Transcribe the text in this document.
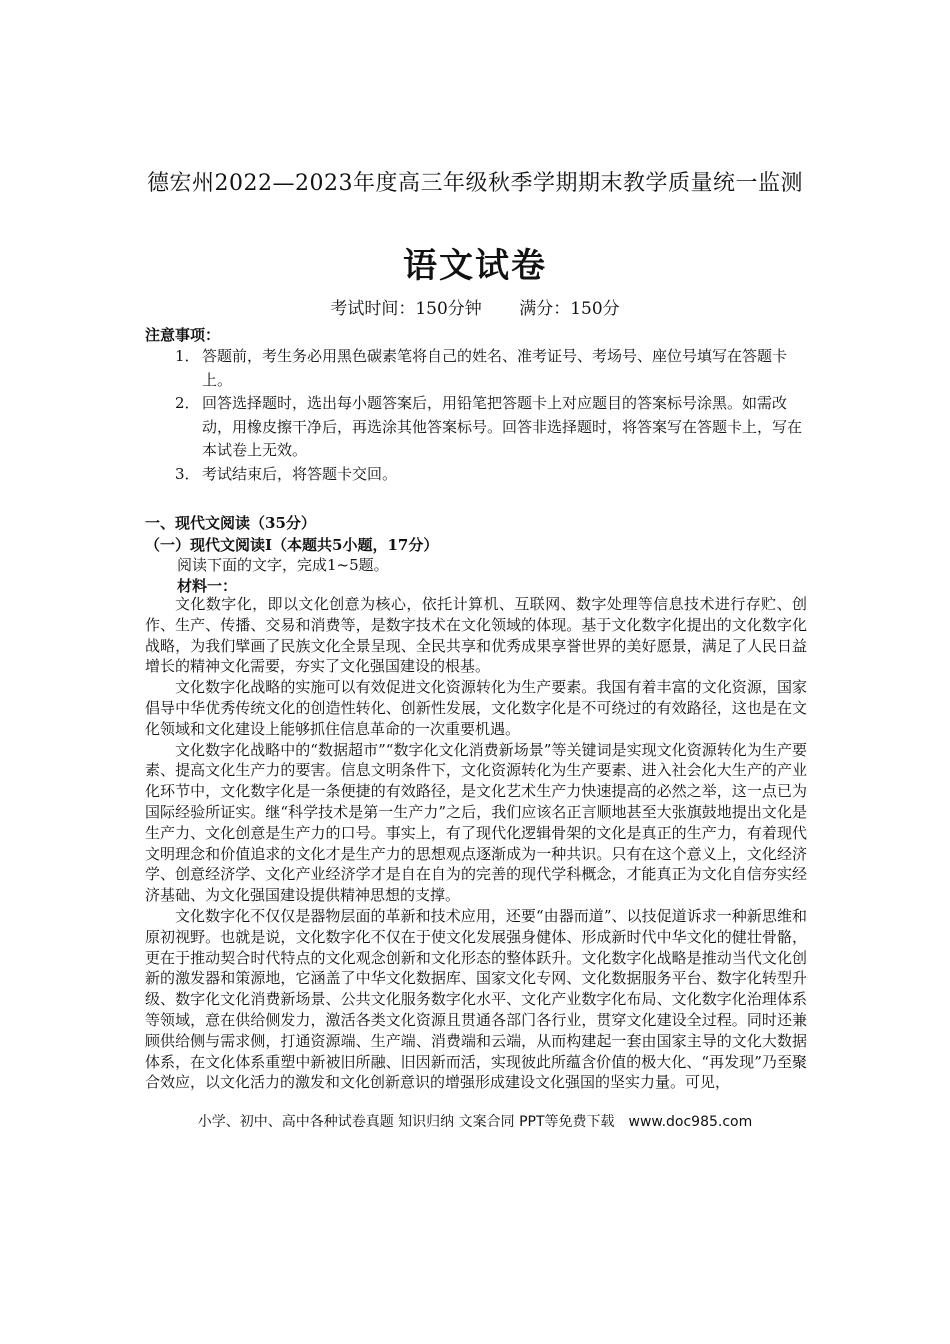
德宏州2022—2023年度高三年级秋季学期期末教学质量统一监测
语文试卷
考试时间：150分钟 满分：150分
注意事项：
1． 答题前，考生务必用黑色碳素笔将自己的姓名、准考证号、考场号、座位号填写在答题卡上。
2． 回答选择题时，选出每小题答案后，用铅笔把答题卡上对应题目的答案标号涂黑。如需改动，用橡皮擦干净后，再选涂其他答案标号。回答非选择题时，将答案写在答题卡上，写在本试卷上无效。
3． 考试结束后，将答题卡交回。
一、现代文阅读（35分）
（一）现代文阅读Ⅰ（本题共5小题，17分）
阅读下面的文字，完成1~5题。
材料一：

文化数字化，即以文化创意为核心，依托计算机、互联网、数字处理等信息技术进行存贮、创作、生产、传播、交易和消费等，是数字技术在文化领域的体现。基于文化数字化提出的文化数字化战略，为我们擘画了民族文化全景呈现、全民共享和优秀成果享誉世界的美好愿景，满足了人民日益增长的精神文化需要，夯实了文化强国建设的根基。

文化数字化战略的实施可以有效促进文化资源转化为生产要素。我国有着丰富的文化资源，国家倡导中华优秀传统文化的创造性转化、创新性发展，文化数字化是不可绕过的有效路径，这也是在文化领域和文化建设上能够抓住信息革命的一次重要机遇。

文化数字化战略中的“数据超市”“数字化文化消费新场景”等关键词是实现文化资源转化为生产要素、提高文化生产力的要害。信息文明条件下，文化资源转化为生产要素、进入社会化大生产的产业化环节中，文化数字化是一条便捷的有效路径，是文化艺术生产力快速提高的必然之举，这一点已为国际经验所证实。继“科学技术是第一生产力”之后，我们应该名正言顺地甚至大张旗鼓地提出文化是生产力、文化创意是生产力的口号。事实上，有了现代化逻辑骨架的文化是真正的生产力，有着现代文明理念和价值追求的文化才是生产力的思想观点逐渐成为一种共识。只有在这个意义上，文化经济学、创意经济学、文化产业经济学才是自在自为的完善的现代学科概念，才能真正为文化自信夯实经济基础、为文化强国建设提供精神思想的支撑。

文化数字化不仅仅是器物层面的革新和技术应用，还要“由器而道”、以技促道诉求一种新思维和原初视野。也就是说，文化数字化不仅在于使文化发展强身健体、形成新时代中华文化的健壮骨骼，更在于推动契合时代特点的文化观念创新和文化形态的整体跃升。文化数字化战略是推动当代文化创新的激发器和策源地，它涵盖了中华文化数据库、国家文化专网、文化数据服务平台、数字化转型升级、数字化文化消费新场景、公共文化服务数字化水平、文化产业数字化布局、文化数字化治理体系等领域，意在供给侧发力，激活各类文化资源且贯通各部门各行业，贯穿文化建设全过程。同时还兼顾供给侧与需求侧，打通资源端、生产端、消费端和云端，从而构建起一套由国家主导的文化大数据体系，在文化体系重塑中新被旧所融、旧因新而活，实现彼此所蕴含价值的极大化、“再发现”乃至聚合效应，以文化活力的激发和文化创新意识的增强形成建设文化强国的坚实力量。可见，

小学、初中、高中各种试卷真题 知识归纳 文案合同 PPT等免费下载　www.doc985.com
